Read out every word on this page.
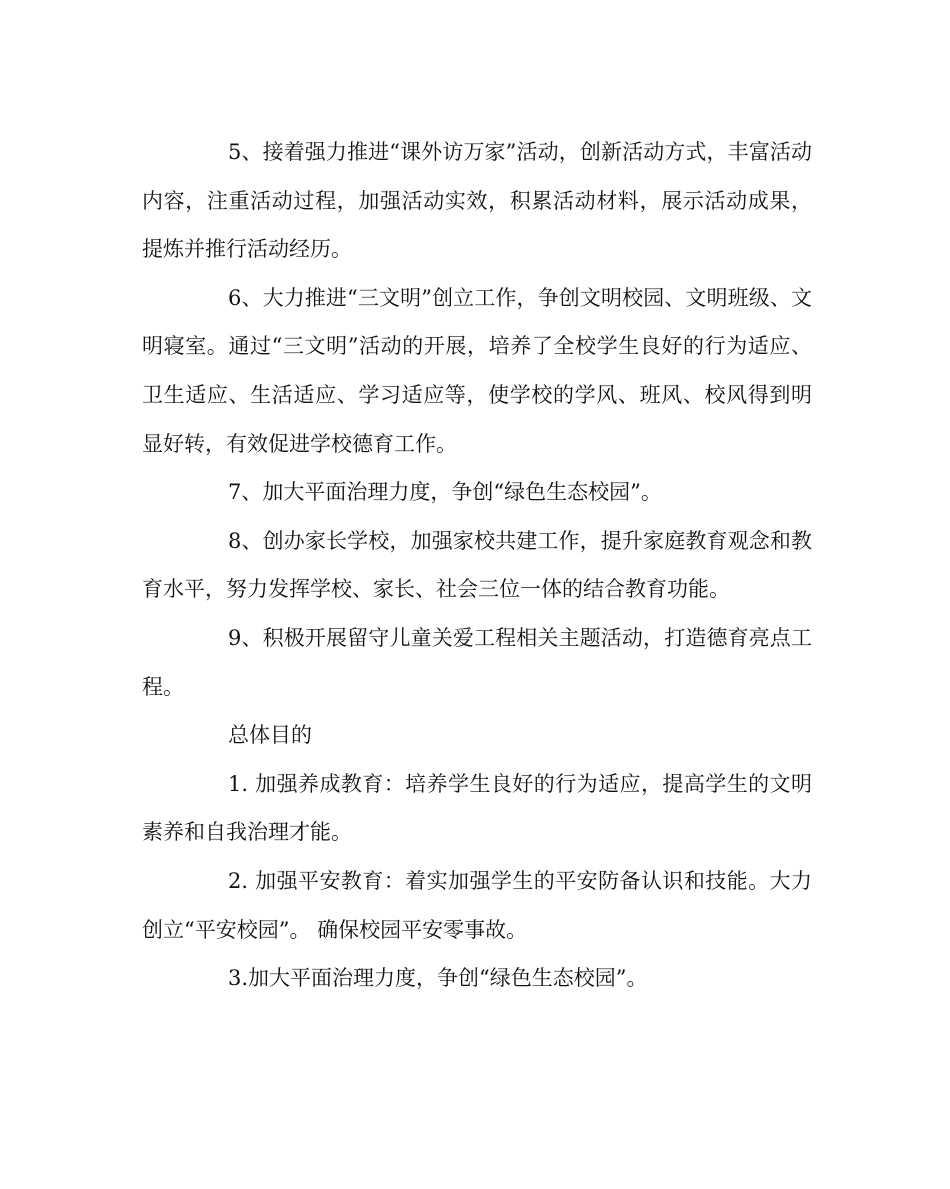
5、接着强力推进“课外访万家”活动，创新活动方式，丰富活动内容，注重活动过程，加强活动实效，积累活动材料，展示活动成果，提炼并推行活动经历。

6、大力推进“三文明”创立工作，争创文明校园、文明班级、文明寝室。通过“三文明”活动的开展，培养了全校学生良好的行为适应、卫生适应、生活适应、学习适应等，使学校的学风、班风、校风得到明显好转，有效促进学校德育工作。

7、加大平面治理力度，争创“绿色生态校园”。

8、创办家长学校，加强家校共建工作，提升家庭教育观念和教育水平，努力发挥学校、家长、社会三位一体的结合教育功能。

9、积极开展留守儿童关爱工程相关主题活动，打造德育亮点工程。

总体目的

1. 加强养成教育：培养学生良好的行为适应，提高学生的文明素养和自我治理才能。

2. 加强平安教育：着实加强学生的平安防备认识和技能。大力创立“平安校园”。 确保校园平安零事故。

3.加大平面治理力度，争创“绿色生态校园”。
